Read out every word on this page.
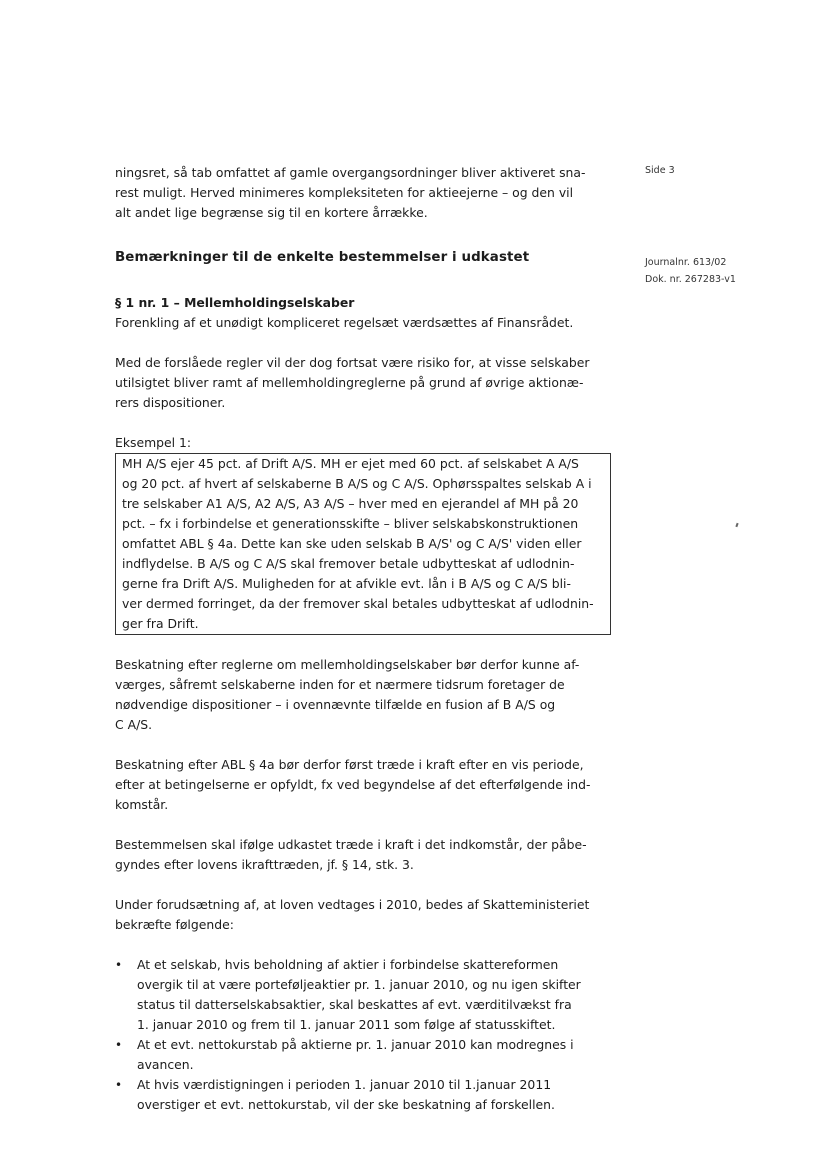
Side 3
Journalnr. 613/02
Dok. nr. 267283-v1

ningsret, så tab omfattet af gamle overgangsordninger bliver aktiveret sna-
rest muligt. Herved minimeres kompleksiteten for aktieejerne – og den vil
alt andet lige begrænse sig til en kortere årrække.

Bemærkninger til de enkelte bestemmelser i udkastet

§ 1 nr. 1 – Mellemholdingselskaber

Forenkling af et unødigt kompliceret regelsæt værdsættes af Finansrådet.

Med de forslåede regler vil der dog fortsat være risiko for, at visse selskaber
utilsigtet bliver ramt af mellemholdingreglerne på grund af øvrige aktionæ-
rers dispositioner.

Eksempel 1:

MH A/S ejer 45 pct. af Drift A/S. MH er ejet med 60 pct. af selskabet A A/S
og 20 pct. af hvert af selskaberne B A/S og C A/S. Ophørsspaltes selskab A i
tre selskaber A1 A/S, A2 A/S, A3 A/S – hver med en ejerandel af MH på 20
pct. – fx i forbindelse et generationsskifte – bliver selskabskonstruktionen
omfattet ABL § 4a. Dette kan ske uden selskab B A/S' og C A/S' viden eller
indflydelse. B A/S og C A/S skal fremover betale udbytteskat af udlodnin-
gerne fra Drift A/S. Muligheden for at afvikle evt. lån i B A/S og C A/S bli-
ver dermed forringet, da der fremover skal betales udbytteskat af udlodnin-
ger fra Drift.

Beskatning efter reglerne om mellemholdingselskaber bør derfor kunne af-
værges, såfremt selskaberne inden for et nærmere tidsrum foretager de
nødvendige dispositioner – i ovennævnte tilfælde en fusion af B A/S og
C A/S.

Beskatning efter ABL § 4a bør derfor først træde i kraft efter en vis periode,
efter at betingelserne er opfyldt, fx ved begyndelse af det efterfølgende ind-
komstår.

Bestemmelsen skal ifølge udkastet træde i kraft i det indkomstår, der påbe-
gyndes efter lovens ikrafttræden, jf. § 14, stk. 3.

Under forudsætning af, at loven vedtages i 2010, bedes af Skatteministeriet
bekræfte følgende:

• At et selskab, hvis beholdning af aktier i forbindelse skattereformen
overgik til at være porteføljeaktier pr. 1. januar 2010, og nu igen skifter
status til datterselskabsaktier, skal beskattes af evt. værditilvækst fra
1. januar 2010 og frem til 1. januar 2011 som følge af statusskiftet.
• At et evt. nettokurstab på aktierne pr. 1. januar 2010 kan modregnes i
avancen.
• At hvis værdistigningen i perioden 1. januar 2010 til 1.januar 2011
overstiger et evt. nettokurstab, vil der ske beskatning af forskellen.
